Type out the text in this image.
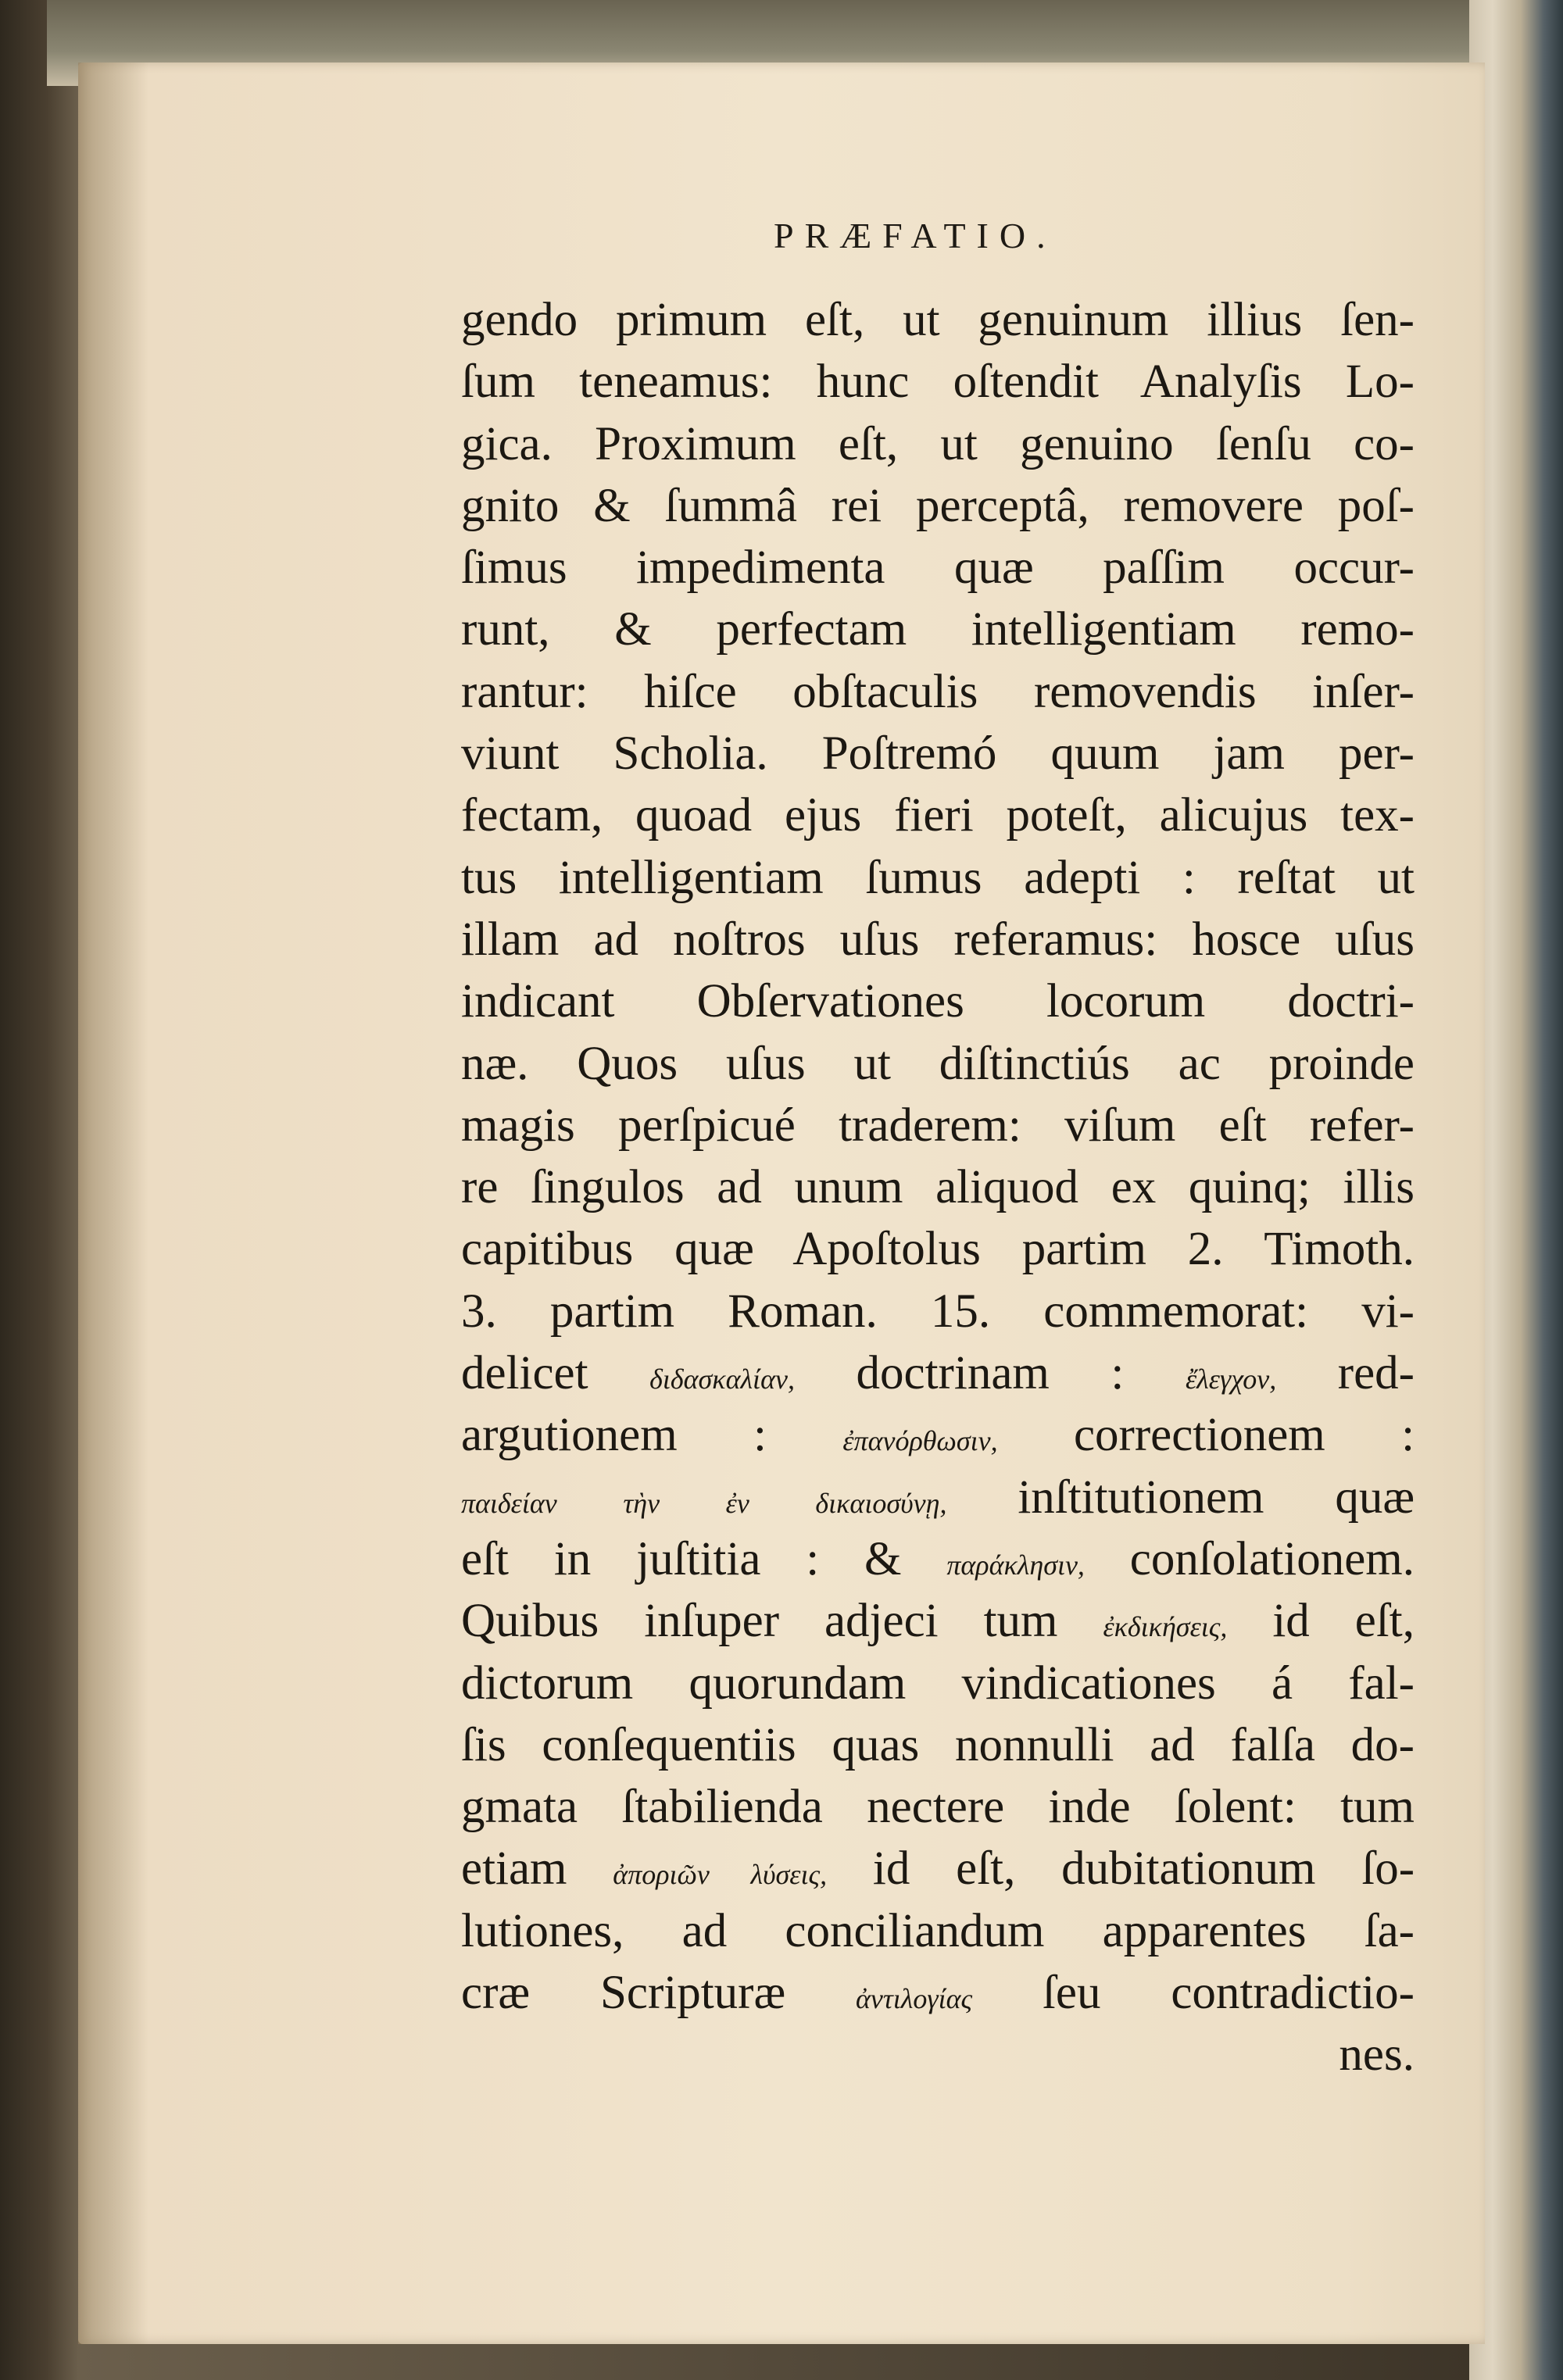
PRÆFATIO.
gendo primum eſt, ut genuinum illius ſen-
ſum teneamus: hunc oſtendit Analyſis Lo-
gica. Proximum eſt, ut genuino ſenſu co-
gnito & ſummâ rei perceptâ, removere poſ-
ſimus impedimenta quæ paſſim occur-
runt, & perfectam intelligentiam remo-
rantur: hiſce obſtaculis removendis inſer-
viunt Scholia. Poſtremó quum jam per-
fectam, quoad ejus fieri poteſt, alicujus tex-
tus intelligentiam ſumus adepti : reſtat ut
illam ad noſtros uſus referamus: hosce uſus
indicant Obſervationes locorum doctri-
næ. Quos uſus ut diſtinctiús ac proinde
magis perſpicué traderem: viſum eſt refer-
re ſingulos ad unum aliquod ex quinq; illis
capitibus quæ Apoſtolus partim 2. Timoth.
3. partim Roman. 15. commemorat: vi-
delicet διδασκαλίαν, doctrinam : ἔλεγχον, red-
argutionem :	ἐπανόρθωσιν, correctionem :
παιδείαν τὴν ἐν δικαιοσύνῃ, inſtitutionem quæ
eſt in juſtitia : & παράκλησιν, conſolationem.
Quibus inſuper adjeci tum ἐκδικήσεις, id eſt,
dictorum quorundam vindicationes á fal-
ſis conſequentiis quas nonnulli ad falſa do-
gmata ſtabilienda nectere inde ſolent: tum
etiam ἀποριῶν λύσεις, id eſt, dubitationum ſo-
lutiones, ad conciliandum apparentes ſa-
cræ Scripturæ ἀντιλογίας ſeu contradictio-
nes.
